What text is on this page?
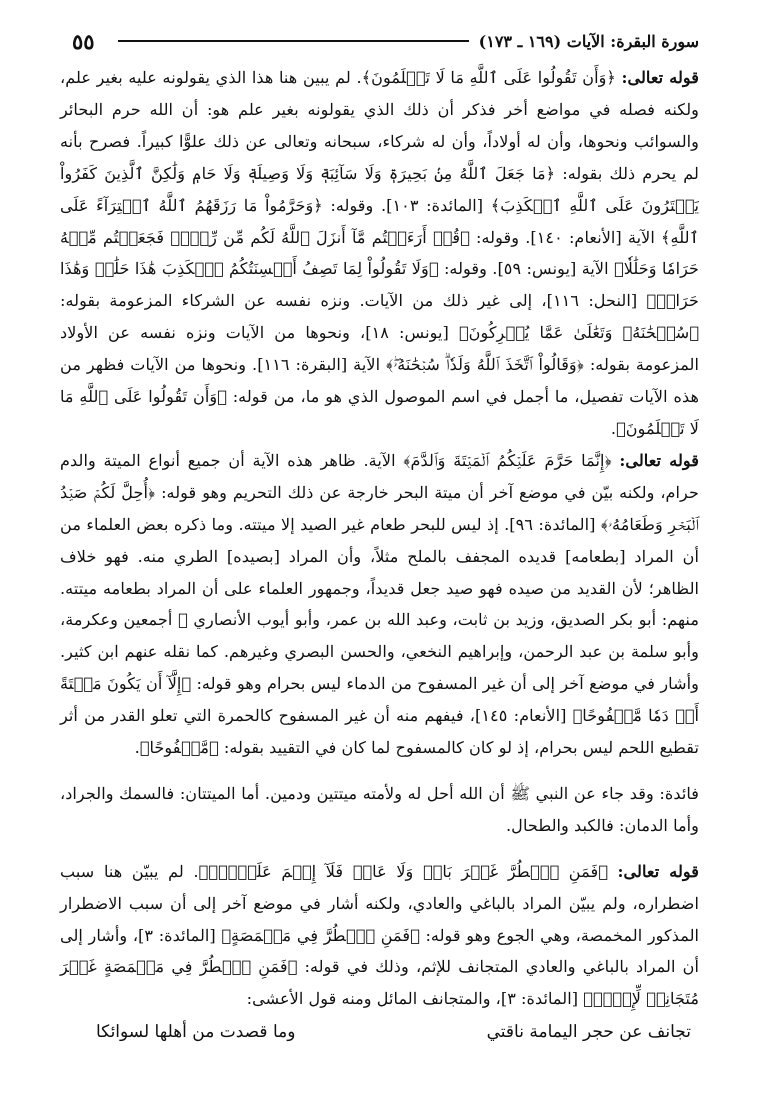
٥٥	سورة البقرة: الآيات (١٦٩ ـ ١٧٣)

قوله تعالى: ﴿وَأَن تَقُولُوا عَلَى ٱللَّهِ مَا لَا تَعۡلَمُونَ﴾. لم يبين هنا هذا الذي يقولونه عليه بغير علم، ولكنه فصله في مواضع أخر فذكر أن ذلك الذي يقولونه بغير علم هو: أن الله حرم البحائر والسوائب ونحوها، وأن له أولاداً، وأن له شركاء، سبحانه وتعالى عن ذلك علوًّا كبيراً. فصرح بأنه لم يحرم ذلك بقوله: ﴿مَا جَعَلَ ٱللَّهُ مِنۢ بَحِيرَةٖ وَلَا سَآئِبَةٖ وَلَا وَصِيلَةٖ وَلَا حَامٖ وَلَٰكِنَّ ٱلَّذِينَ كَفَرُواْ يَفۡتَرُونَ عَلَى ٱللَّهِ ٱلۡكَذِبَ﴾ [المائدة: ١٠٣]. وقوله: ﴿وَحَرَّمُواْ مَا رَزَقَهُمُ ٱللَّهُ ٱفۡتِرَآءً عَلَى ٱللَّهِ﴾ الآية [الأنعام: ١٤٠]. وقوله: ﴿قُلۡ أَرَءَيۡتُم مَّآ أَنزَلَ ٱللَّهُ لَكُم مِّن رِّزۡقٖ فَجَعَلۡتُم مِّنۡهُ حَرَامٗا وَحَلَٰلٗا﴾ الآية [يونس: ٥٩]. وقوله: ﴿وَلَا تَقُولُواْ لِمَا تَصِفُ أَلۡسِنَتُكُمُ ٱلۡكَذِبَ هَٰذَا حَلَٰلٞ وَهَٰذَا حَرَامٞ﴾ [النحل: ١١٦]، إلى غير ذلك من الآيات. ونزه نفسه عن الشركاء المزعومة بقوله: ﴿سُبۡحَٰنَهُۥ وَتَعَٰلَىٰ عَمَّا يُشۡرِكُونَ﴾ [يونس: ١٨]، ونحوها من الآيات ونزه نفسه عن الأولاد المزعومة بقوله: ﴿وَقَالُواْ ٱتَّخَذَ ٱللَّهُ وَلَدٗاۗ سُبۡحَٰنَهُۥۖ﴾ الآية [البقرة: ١١٦]. ونحوها من الآيات فظهر من هذه الآيات تفصيل، ما أجمل في اسم الموصول الذي هو ما، من قوله: ﴿وَأَن تَقُولُوا عَلَى ٱللَّهِ مَا لَا تَعۡلَمُونَ﴾.

قوله تعالى: ﴿إِنَّمَا حَرَّمَ عَلَيۡكُمُ ٱلۡمَيۡتَةَ وَٱلدَّمَ﴾ الآية. ظاهر هذه الآية أن جميع أنواع الميتة والدم حرام، ولكنه بيّن في موضع آخر أن ميتة البحر خارجة عن ذلك التحريم وهو قوله: ﴿أُحِلَّ لَكُمۡ صَيۡدُ ٱلۡبَحۡرِ وَطَعَامُهُۥ﴾ [المائدة: ٩٦]. إذ ليس للبحر طعام غير الصيد إلا ميتته. وما ذكره بعض العلماء من أن المراد [بطعامه] قديده المجفف بالملح مثلاً، وأن المراد [بصيده] الطري منه. فهو خلاف الظاهر؛ لأن القديد من صيده فهو صيد جعل قديداً، وجمهور العلماء على أن المراد بطعامه ميتته. منهم: أبو بكر الصديق، وزيد بن ثابت، وعبد الله بن عمر، وأبو أيوب الأنصاري ﷺ أجمعين وعكرمة، وأبو سلمة بن عبد الرحمن، وإبراهيم النخعي، والحسن البصري وغيرهم. كما نقله عنهم ابن كثير. وأشار في موضع آخر إلى أن غير المسفوح من الدماء ليس بحرام وهو قوله: ﴿إِلَّآ أَن يَكُونَ مَيۡتَةً أَوۡ دَمٗا مَّسۡفُوحًا﴾ [الأنعام: ١٤٥]، فيفهم منه أن غير المسفوح كالحمرة التي تعلو القدر من أثر تقطيع اللحم ليس بحرام، إذ لو كان كالمسفوح لما كان في التقييد بقوله: ﴿مَّسۡفُوحًا﴾.

فائدة: وقد جاء عن النبي ﷺ أن الله أحل له ولأمته ميتتين ودمين. أما الميتتان: فالسمك والجراد، وأما الدمان: فالكبد والطحال.

قوله تعالى: ﴿فَمَنِ ٱضۡطُرَّ غَيۡرَ بَاغٖ وَلَا عَادٖ فَلَآ إِثۡمَ عَلَيۡهِۚ﴾. لم يبيّن هنا سبب اضطراره، ولم يبيّن المراد بالباغي والعادي، ولكنه أشار في موضع آخر إلى أن سبب الاضطرار المذكور المخمصة، وهي الجوع وهو قوله: ﴿فَمَنِ ٱضۡطُرَّ فِي مَخۡمَصَةٍ﴾ [المائدة: ٣]، وأشار إلى أن المراد بالباغي والعادي المتجانف للإثم، وذلك في قوله: ﴿فَمَنِ ٱضۡطُرَّ فِي مَخۡمَصَةٍ غَيۡرَ مُتَجَانِفٖ لِّإِثۡمٖ﴾ [المائدة: ٣]، والمتجانف المائل ومنه قول الأعشى:

تجانف عن حجر اليمامة ناقتي
وما قصدت من أهلها لسوائكا
